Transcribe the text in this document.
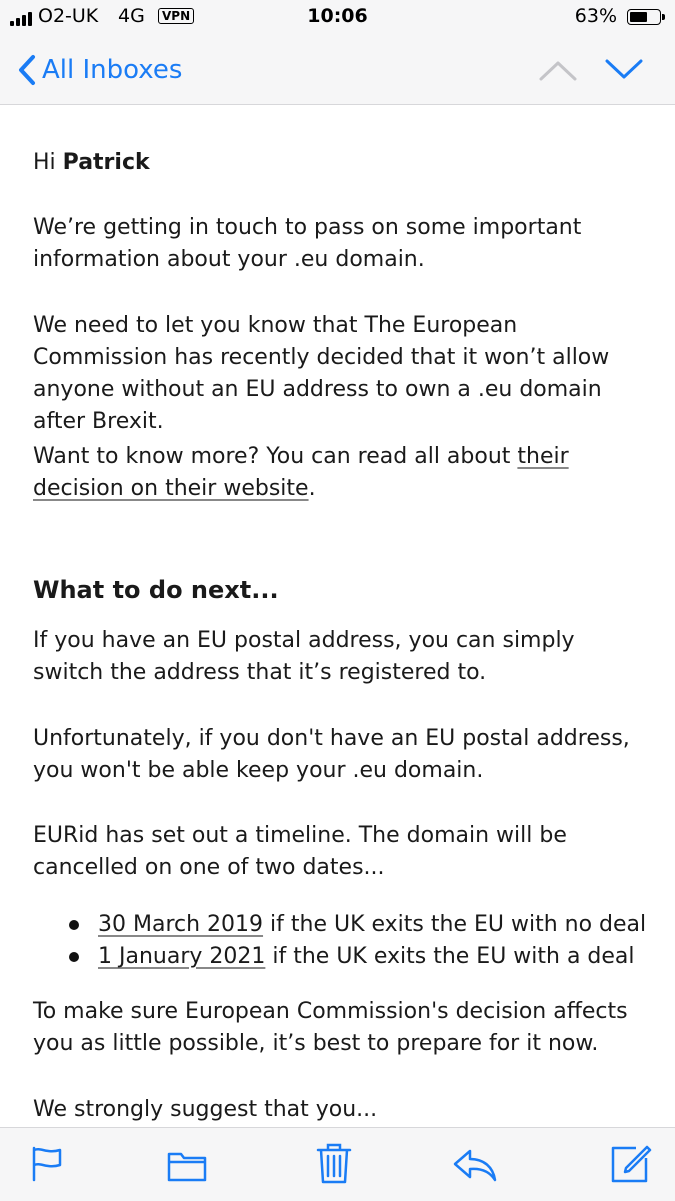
O2-UK 4G	VPN	10:06	63%
All Inboxes

Hi Patrick

We’re getting in touch to pass on some important information about your .eu domain.

We need to let you know that The European Commission has recently decided that it won’t allow anyone without an EU address to own a .eu domain after Brexit.

Want to know more? You can read all about their decision on their website.

What to do next...

If you have an EU postal address, you can simply switch the address that it’s registered to.

Unfortunately, if you don't have an EU postal address, you won't be able keep your .eu domain.

EURid has set out a timeline. The domain will be cancelled on one of two dates...

30 March 2019 if the UK exits the EU with no deal
1 January 2021 if the UK exits the EU with a deal

To make sure European Commission's decision affects you as little possible, it’s best to prepare for it now.

We strongly suggest that you...
